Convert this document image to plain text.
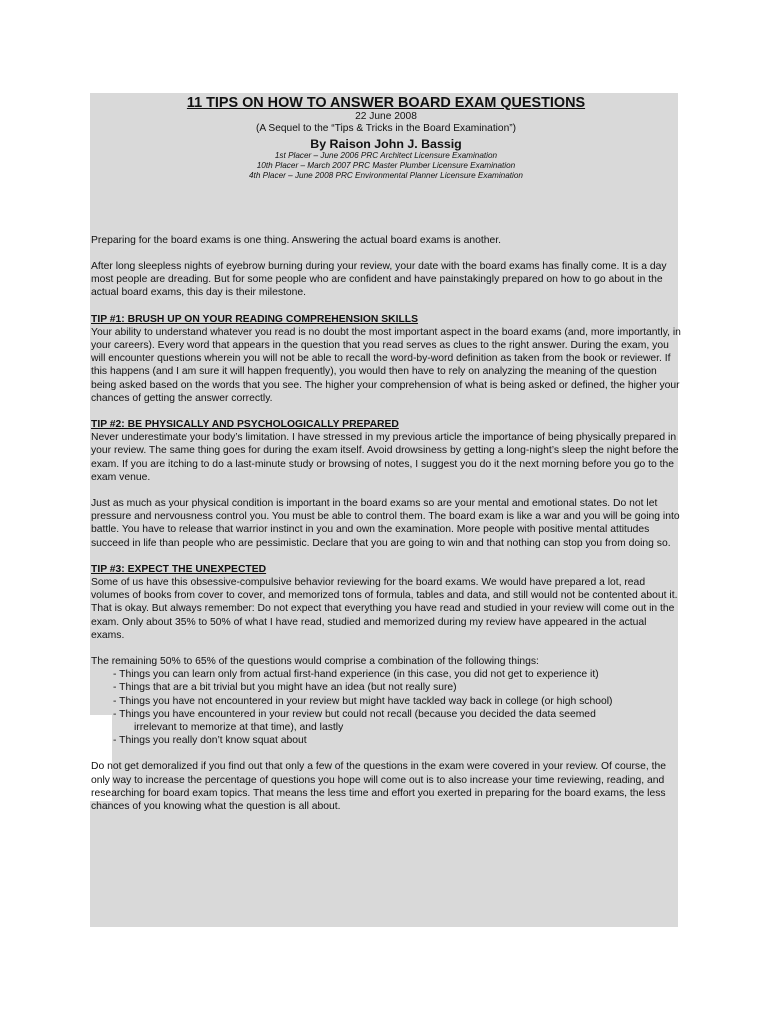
11 TIPS ON HOW TO ANSWER BOARD EXAM QUESTIONS
22 June 2008
(A Sequel to the “Tips & Tricks in the Board Examination”)
By Raison John J. Bassig
1st Placer – June 2006 PRC Architect Licensure Examination
10th Placer – March 2007 PRC Master Plumber Licensure Examination
4th Placer – June 2008 PRC Environmental Planner Licensure Examination

Preparing for the board exams is one thing. Answering the actual board exams is another.

After long sleepless nights of eyebrow burning during your review, your date with the board exams has finally come. It is a day most people are dreading. But for some people who are confident and have painstakingly prepared on how to go about in the actual board exams, this day is their milestone.

TIP #1: BRUSH UP ON YOUR READING COMPREHENSION SKILLS

Your ability to understand whatever you read is no doubt the most important aspect in the board exams (and, more importantly, in your careers). Every word that appears in the question that you read serves as clues to the right answer. During the exam, you will encounter questions wherein you will not be able to recall the word-by-word definition as taken from the book or reviewer. If this happens (and I am sure it will happen frequently), you would then have to rely on analyzing the meaning of the question being asked based on the words that you see. The higher your comprehension of what is being asked or defined, the higher your chances of getting the answer correctly.

TIP #2: BE PHYSICALLY AND PSYCHOLOGICALLY PREPARED

Never underestimate your body’s limitation. I have stressed in my previous article the importance of being physically prepared in your review. The same thing goes for during the exam itself. Avoid drowsiness by getting a long-night’s sleep the night before the exam. If you are itching to do a last-minute study or browsing of notes, I suggest you do it the next morning before you go to the exam venue.

Just as much as your physical condition is important in the board exams so are your mental and emotional states. Do not let pressure and nervousness control you. You must be able to control them. The board exam is like a war and you will be going into battle. You have to release that warrior instinct in you and own the examination. More people with positive mental attitudes succeed in life than people who are pessimistic. Declare that you are going to win and that nothing can stop you from doing so.

TIP #3: EXPECT THE UNEXPECTED

Some of us have this obsessive-compulsive behavior reviewing for the board exams. We would have prepared a lot, read volumes of books from cover to cover, and memorized tons of formula, tables and data, and still would not be contented about it. That is okay. But always remember: Do not expect that everything you have read and studied in your review will come out in the exam. Only about 35% to 50% of what I have read, studied and memorized during my review have appeared in the actual exams.

The remaining 50% to 65% of the questions would comprise a combination of the following things:

- Things you can learn only from actual first-hand experience (in this case, you did not get to experience it)
- Things that are a bit trivial but you might have an idea (but not really sure)
- Things you have not encountered in your review but might have tackled way back in college (or high school)
- Things you have encountered in your review but could not recall (because you decided the data seemed
irrelevant to memorize at that time), and lastly
- Things you really don’t know squat about

Do not get demoralized if you find out that only a few of the questions in the exam were covered in your review. Of course, the only way to increase the percentage of questions you hope will come out is to also increase your time reviewing, reading, and researching for board exam topics. That means the less time and effort you exerted in preparing for the board exams, the less chances of you knowing what the question is all about.
